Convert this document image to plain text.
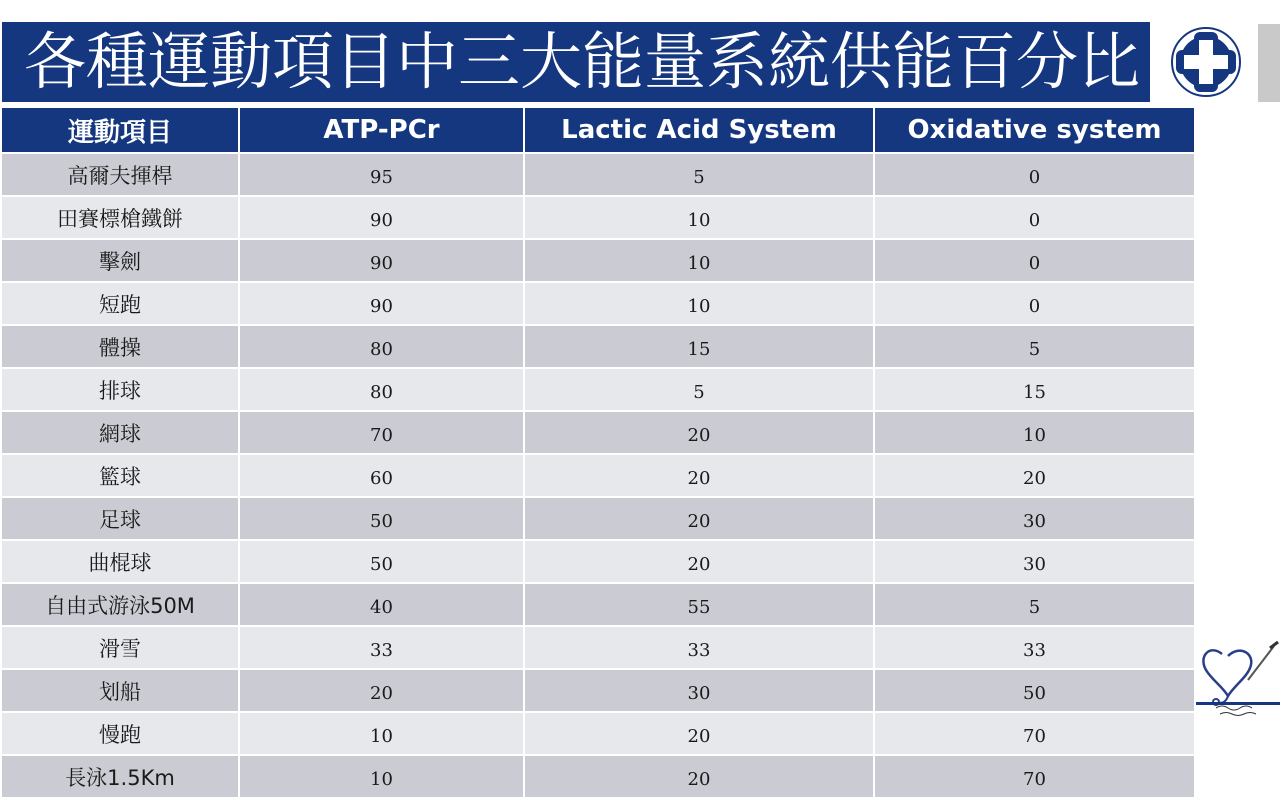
各種運動項目中三大能量系統供能百分比
運動項目	ATP-PCr	Lactic Acid System	Oxidative system
高爾夫揮桿	95	5	0
田賽標槍鐵餅	90	10	0
擊劍	90	10	0
短跑	90	10	0
體操	80	15	5
排球	80	5	15
網球	70	20	10
籃球	60	20	20
足球	50	20	30
曲棍球	50	20	30
自由式游泳50M	40	55	5
滑雪	33	33	33
划船	20	30	50
慢跑	10	20	70
長泳1.5Km	10	20	70
